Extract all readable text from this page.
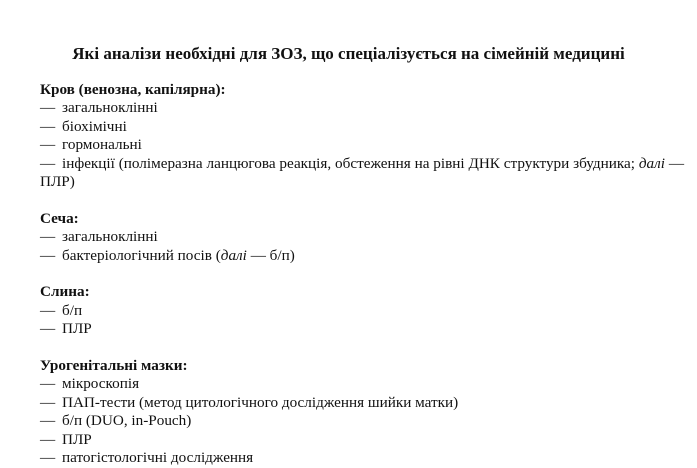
Які аналізи необхідні для ЗОЗ, що спеціалізується на сімейній медицині
Кров (венозна, капілярна):
— загальноклінні
— біохімічні
— гормональні
— інфекції (полімеразна ланцюгова реакція, обстеження на рівні ДНК структури збудника; далі — ПЛР)
Сеча:
— загальноклінні
— бактеріологічний посів (далі — б/п)
Слина:
— б/п
— ПЛР
Урогенітальні мазки:
— мікроскопія
— ПАП-тести (метод цитологічного дослідження шийки матки)
— б/п (DUO, in-Pouch)
— ПЛР
— патогістологічні дослідження
